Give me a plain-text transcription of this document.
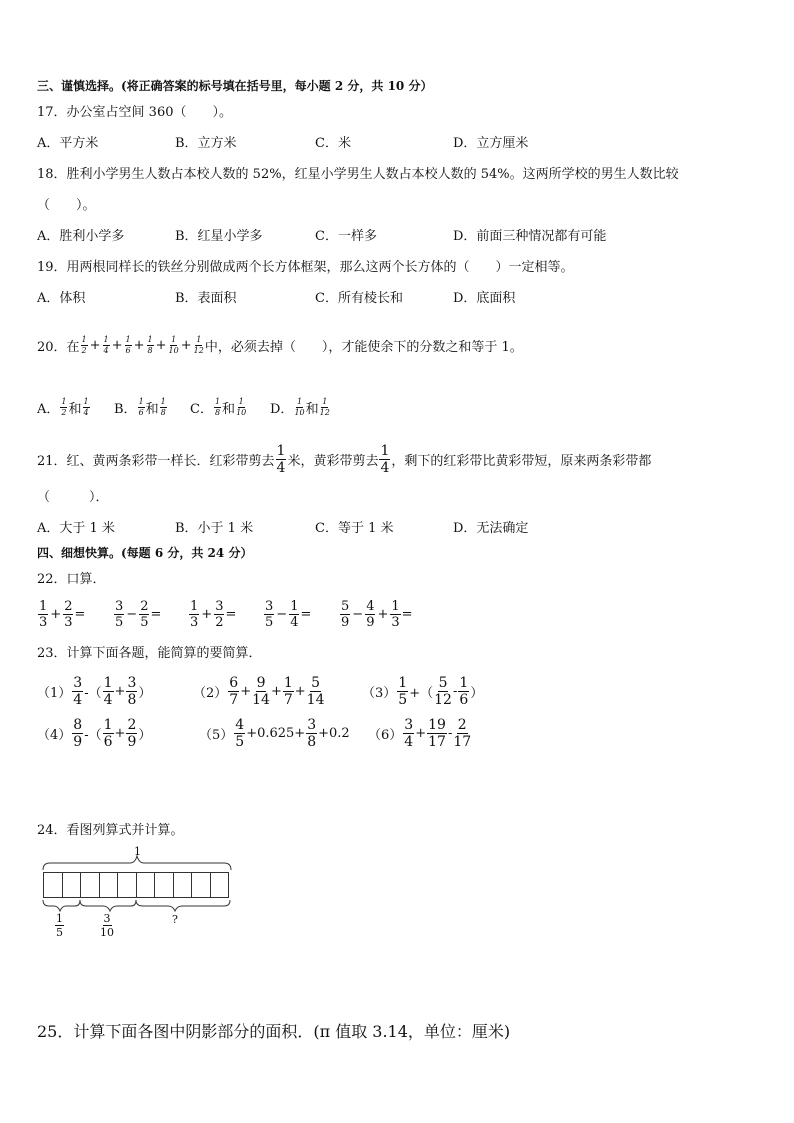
三、谨慎选择。(将正确答案的标号填在括号里，每小题 2 分，共 10 分）
17．办公室占空间 360（　　）。
A．平方米	B．立方米	C．米	D．立方厘米
18．胜利小学男生人数占本校人数的 52%，红星小学男生人数占本校人数的 54%。这两所学校的男生人数比较
（　　）。
A．胜利小学多	B．红星小学多	C．一样多	D．前面三种情况都有可能
19．用两根同样长的铁丝分别做成两个长方体框架，那么这两个长方体的（　　）一定相等。
A．体积	B．表面积	C．所有棱长和	D．底面积
20．在 $\frac{1}{2} + \frac{1}{4} + \frac{1}{6} + \frac{1}{8} + \frac{1}{10} + \frac{1}{12}$ 中，必须去掉（　　），才能使余下的分数之和等于 1。
A． $\frac{1}{2}$ 和 $\frac{1}{4}$ B． $\frac{1}{6}$ 和 $\frac{1}{8}$ C． $\frac{1}{8}$ 和 $\frac{1}{10}$ D． $\frac{1}{10}$ 和 $\frac{1}{12}$
21．红、黄两条彩带一样长．红彩带剪去 $\frac{1}{4}$ 米，黄彩带剪去 $\frac{1}{4}$ ，剩下的红彩带比黄彩带短，原来两条彩带都
（　　　）．
A．大于 1 米	B．小于 1 米	C．等于 1 米	D．无法确定
四、细想快算。(每题 6 分，共 24 分）
22．口算．
$\frac{1}{3} + \frac{2}{3} = \frac{3}{5} - \frac{2}{5} = \frac{1}{3} + \frac{3}{2} = \frac{3}{5} - \frac{1}{4} = \frac{5}{9} - \frac{4}{9} + \frac{1}{3}$ =
23．计算下面各题，能简算的要简算．
$(1) \frac{3}{4}$ -（ $\frac{1}{4} + \frac{3}{8}$ ）	$(2) \frac{6}{7} + \frac{9}{14} + \frac{1}{7} + \frac{5}{14}$	$(3) \frac{1}{5}$ +（ $\frac{5}{12} - \frac{1}{6}$ ）
$(4) \frac{8}{9}$ -（ $\frac{1}{6} + \frac{2}{9}$ ）	$(5) \frac{4}{5} +0.625+ \frac{3}{8} +0.2$ $(6) \frac{3}{4} + \frac{19}{17} - \frac{2}{17}$
24．看图列算式并计算。
1
$\frac{1}{5}$	$\frac{3}{10}$	?
25．计算下面各图中阴影部分的面积．(π 值取 3.14，单位：厘米)
